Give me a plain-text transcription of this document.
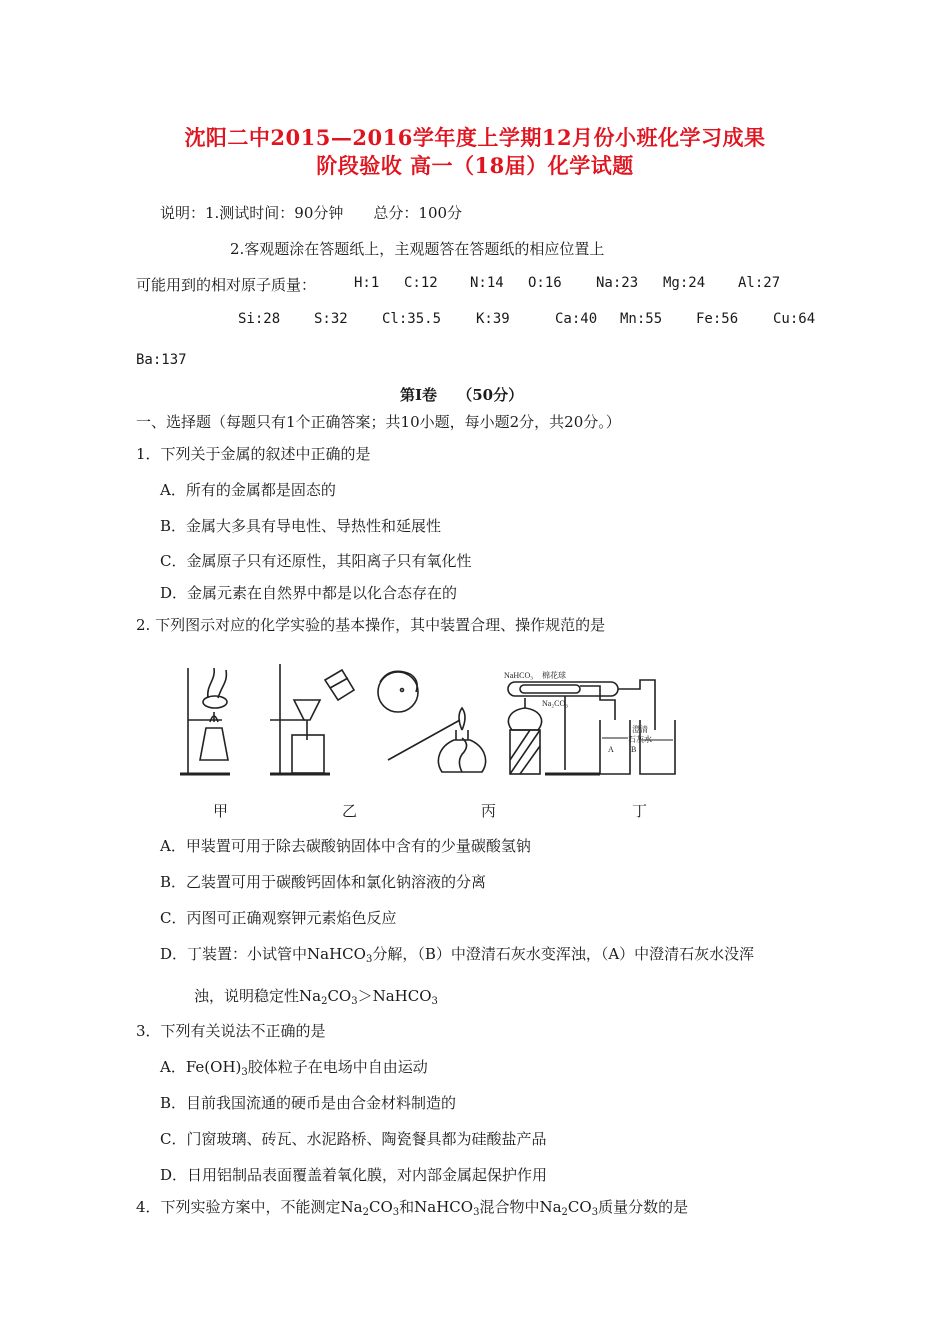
沈阳二中2015—2016学年度上学期12月份小班化学习成果
阶段验收 高一（18届）化学试题
说明：1.测试时间：90分钟　　总分：100分
2.客观题涂在答题纸上，主观题答在答题纸的相应位置上
可能用到的相对原子质量：	H:1 C:12 N:14 O:16 Na:23 Mg:24 Al:27
Si:28 S:32 Cl:35.5 K:39	Ca:40 Mn:55 Fe:56 Cu:64
Ba:137
第Ⅰ卷　 （50分）
一、选择题（每题只有1个正确答案；共10小题，每小题2分，共20分。）
1．下列关于金属的叙述中正确的是
A．所有的金属都是固态的
B．金属大多具有导电性、导热性和延展性
C．金属原子只有还原性，其阳离子只有氧化性
D．金属元素在自然界中都是以化合态存在的
2. 下列图示对应的化学实验的基本操作，其中装置合理、操作规范的是
NaHCO₃ 棉花球
Na₂CO₃
澄清
石灰水
A B
甲	乙	丙	丁
A．甲装置可用于除去碳酸钠固体中含有的少量碳酸氢钠
B．乙装置可用于碳酸钙固体和氯化钠溶液的分离
C．丙图可正确观察钾元素焰色反应
D．丁装置：小试管中NaHCO$_3$分解，（B）中澄清石灰水变浑浊，（A）中澄清石灰水没浑
浊，说明稳定性$Na_2CO_3>NaHCO_3$
3．下列有关说法不正确的是
A．$Fe(OH)_3$胶体粒子在电场中自由运动
B．目前我国流通的硬币是由合金材料制造的
C．门窗玻璃、砖瓦、水泥路桥、陶瓷餐具都为硅酸盐产品
D．日用铝制品表面覆盖着氧化膜，对内部金属起保护作用
4．下列实验方案中，不能测定$Na_2CO_3$和NaHCO$_3$混合物中$Na_2CO_3$质量分数的是
